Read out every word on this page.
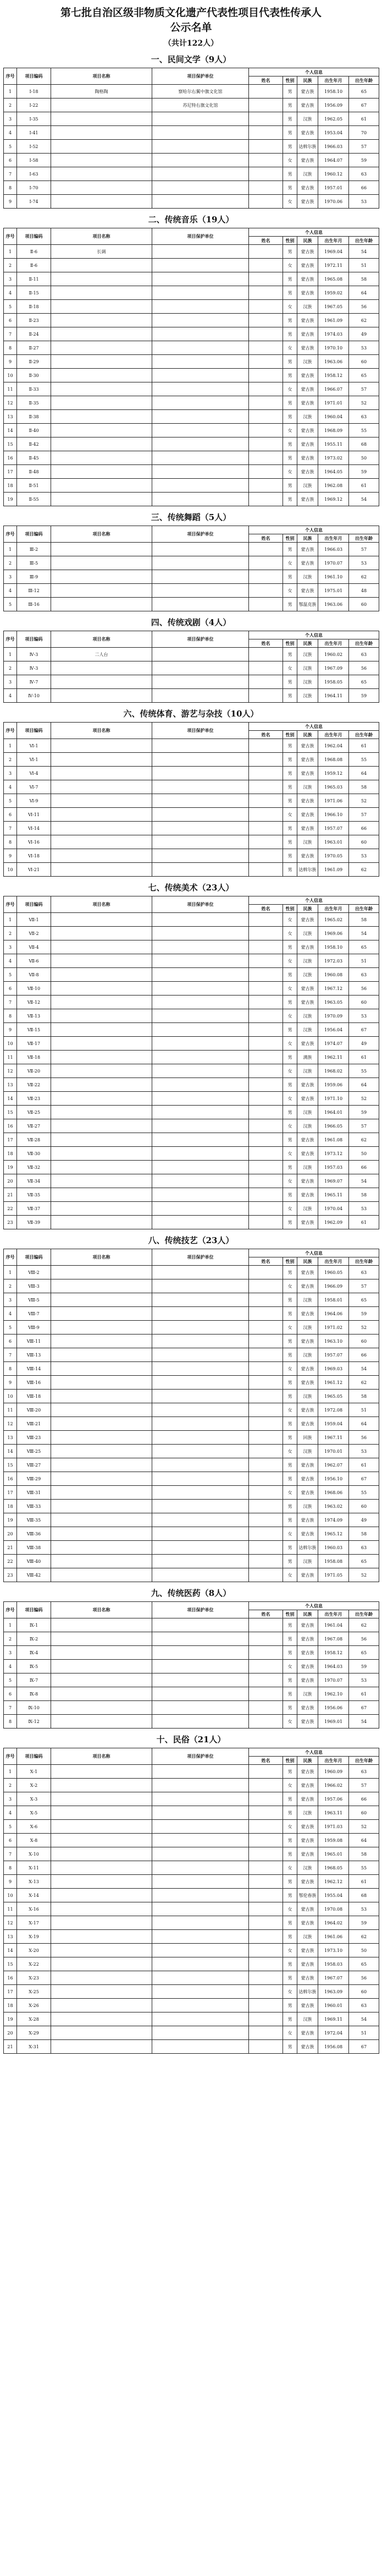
第七批自治区级非物质文化遗产代表性项目代表性传承人
公示名单
（共计122人）
一、民间文学（9人）
序号	项目编码	项目名称	项目保护单位	个人信息				
				姓名	性别	民族	出生年月	出生年龄
1	Ⅰ-18	陶格陶	察哈尔右翼中旗文化馆		男	蒙古族	1958.10	65
2	Ⅰ-22		苏尼特右旗文化馆		男	蒙古族	1956.09	67
3	Ⅰ-35				男	汉族	1962.05	61
4	Ⅰ-41				男	蒙古族	1953.04	70
5	Ⅰ-52				男	达斡尔族	1966.03	57
6	Ⅰ-58				女	蒙古族	1964.07	59
7	Ⅰ-63				男	汉族	1960.12	63
8	Ⅰ-70				男	蒙古族	1957.01	66
9	Ⅰ-74				女	蒙古族	1970.06	53
二、传统音乐（19人）
序号	项目编码	项目名称	项目保护单位	个人信息				
				姓名	性别	民族	出生年月	出生年龄
1	Ⅱ-6	长调			男	蒙古族	1969.04	54
2	Ⅱ-6				女	蒙古族	1972.11	51
3	Ⅱ-11				男	蒙古族	1965.08	58
4	Ⅱ-15				男	蒙古族	1959.02	64
5	Ⅱ-18				女	汉族	1967.05	56
6	Ⅱ-23				男	蒙古族	1961.09	62
7	Ⅱ-24				男	蒙古族	1974.03	49
8	Ⅱ-27				女	蒙古族	1970.10	53
9	Ⅱ-29				男	汉族	1963.06	60
10	Ⅱ-30				男	蒙古族	1958.12	65
11	Ⅱ-33				女	蒙古族	1966.07	57
12	Ⅱ-35				男	蒙古族	1971.01	52
13	Ⅱ-38				男	汉族	1960.04	63
14	Ⅱ-40				女	蒙古族	1968.09	55
15	Ⅱ-42				男	蒙古族	1955.11	68
16	Ⅱ-45				男	蒙古族	1973.02	50
17	Ⅱ-48				女	蒙古族	1964.05	59
18	Ⅱ-51				男	汉族	1962.08	61
19	Ⅱ-55				男	蒙古族	1969.12	54
三、传统舞蹈（5人）
序号	项目编码	项目名称	项目保护单位	个人信息				
				姓名	性别	民族	出生年月	出生年龄
1	Ⅲ-2				男	蒙古族	1966.03	57
2	Ⅲ-5				女	蒙古族	1970.07	53
3	Ⅲ-9				男	汉族	1961.10	62
4	Ⅲ-12				女	蒙古族	1975.01	48
5	Ⅲ-16				男	鄂温克族	1963.06	60
四、传统戏剧（4人）
序号	项目编码	项目名称	项目保护单位	个人信息				
				姓名	性别	民族	出生年月	出生年龄
1	Ⅳ-3	二人台			男	汉族	1960.02	63
2	Ⅳ-3				女	汉族	1967.09	56
3	Ⅳ-7				男	汉族	1958.05	65
4	Ⅳ-10				男	汉族	1964.11	59
六、传统体育、游艺与杂技（10人）
序号	项目编码	项目名称	项目保护单位	个人信息				
				姓名	性别	民族	出生年月	出生年龄
1	Ⅵ-1				男	蒙古族	1962.04	61
2	Ⅵ-1				男	蒙古族	1968.08	55
3	Ⅵ-4				男	蒙古族	1959.12	64
4	Ⅵ-7				男	汉族	1965.03	58
5	Ⅵ-9				男	蒙古族	1971.06	52
6	Ⅵ-11				女	蒙古族	1966.10	57
7	Ⅵ-14				男	蒙古族	1957.07	66
8	Ⅵ-16				男	汉族	1963.01	60
9	Ⅵ-18				男	蒙古族	1970.05	53
10	Ⅵ-21				男	达斡尔族	1961.09	62
七、传统美术（23人）
序号	项目编码	项目名称	项目保护单位	个人信息				
				姓名	性别	民族	出生年月	出生年龄
1	Ⅶ-1				女	蒙古族	1965.02	58
2	Ⅶ-2				女	汉族	1969.06	54
3	Ⅶ-4				男	蒙古族	1958.10	65
4	Ⅶ-6				女	汉族	1972.03	51
5	Ⅶ-8				男	汉族	1960.08	63
6	Ⅶ-10				女	蒙古族	1967.12	56
7	Ⅶ-12				男	蒙古族	1963.05	60
8	Ⅶ-13				女	汉族	1970.09	53
9	Ⅶ-15				男	汉族	1956.04	67
10	Ⅶ-17				女	蒙古族	1974.07	49
11	Ⅶ-18				男	满族	1962.11	61
12	Ⅶ-20				女	汉族	1968.02	55
13	Ⅶ-22				男	蒙古族	1959.06	64
14	Ⅶ-23				女	蒙古族	1971.10	52
15	Ⅶ-25				男	汉族	1964.01	59
16	Ⅶ-27				女	汉族	1966.05	57
17	Ⅶ-28				男	蒙古族	1961.08	62
18	Ⅶ-30				女	蒙古族	1973.12	50
19	Ⅶ-32				男	汉族	1957.03	66
20	Ⅶ-34				女	蒙古族	1969.07	54
21	Ⅶ-35				男	蒙古族	1965.11	58
22	Ⅶ-37				女	汉族	1970.04	53
23	Ⅶ-39				男	蒙古族	1962.09	61
八、传统技艺（23人）
序号	项目编码	项目名称	项目保护单位	个人信息				
				姓名	性别	民族	出生年月	出生年龄
1	Ⅷ-2				男	蒙古族	1960.05	63
2	Ⅷ-3				女	蒙古族	1966.09	57
3	Ⅷ-5				男	汉族	1958.01	65
4	Ⅷ-7				男	蒙古族	1964.06	59
5	Ⅷ-9				女	汉族	1971.02	52
6	Ⅷ-11				男	蒙古族	1963.10	60
7	Ⅷ-13				男	汉族	1957.07	66
8	Ⅷ-14				女	蒙古族	1969.03	54
9	Ⅷ-16				男	蒙古族	1961.12	62
10	Ⅷ-18				男	汉族	1965.05	58
11	Ⅷ-20				女	蒙古族	1972.08	51
12	Ⅷ-21				男	蒙古族	1959.04	64
13	Ⅷ-23				男	回族	1967.11	56
14	Ⅷ-25				女	汉族	1970.01	53
15	Ⅷ-27				男	蒙古族	1962.07	61
16	Ⅷ-29				男	蒙古族	1956.10	67
17	Ⅷ-31				女	蒙古族	1968.06	55
18	Ⅷ-33				男	汉族	1963.02	60
19	Ⅷ-35				男	蒙古族	1974.09	49
20	Ⅷ-36				女	蒙古族	1965.12	58
21	Ⅷ-38				男	达斡尔族	1960.03	63
22	Ⅷ-40				男	汉族	1958.08	65
23	Ⅷ-42				女	蒙古族	1971.05	52
九、传统医药（8人）
序号	项目编码	项目名称	项目保护单位	个人信息				
				姓名	性别	民族	出生年月	出生年龄
1	Ⅸ-1				男	蒙古族	1961.04	62
2	Ⅸ-2				男	蒙古族	1967.08	56
3	Ⅸ-4				男	蒙古族	1958.12	65
4	Ⅸ-5				女	蒙古族	1964.03	59
5	Ⅸ-7				男	蒙古族	1970.07	53
6	Ⅸ-8				男	汉族	1962.10	61
7	Ⅸ-10				男	蒙古族	1956.06	67
8	Ⅸ-12				女	蒙古族	1969.01	54
十、民俗（21人）
序号	项目编码	项目名称	项目保护单位	个人信息				
				姓名	性别	民族	出生年月	出生年龄
1	Ⅹ-1				男	蒙古族	1960.09	63
2	Ⅹ-2				女	蒙古族	1966.02	57
3	Ⅹ-3				男	蒙古族	1957.06	66
4	Ⅹ-5				男	汉族	1963.11	60
5	Ⅹ-6				女	蒙古族	1971.03	52
6	Ⅹ-8				男	蒙古族	1959.08	64
7	Ⅹ-10				男	蒙古族	1965.01	58
8	Ⅹ-11				女	汉族	1968.05	55
9	Ⅹ-13				男	蒙古族	1962.12	61
10	Ⅹ-14				男	鄂伦春族	1955.04	68
11	Ⅹ-16				女	蒙古族	1970.08	53
12	Ⅹ-17				男	蒙古族	1964.02	59
13	Ⅹ-19				男	汉族	1961.06	62
14	Ⅹ-20				女	蒙古族	1973.10	50
15	Ⅹ-22				男	蒙古族	1958.03	65
16	Ⅹ-23				男	蒙古族	1967.07	56
17	Ⅹ-25				女	达斡尔族	1963.09	60
18	Ⅹ-26				男	蒙古族	1960.01	63
19	Ⅹ-28				男	汉族	1969.11	54
20	Ⅹ-29				女	蒙古族	1972.04	51
21	Ⅹ-31				男	蒙古族	1956.08	67
